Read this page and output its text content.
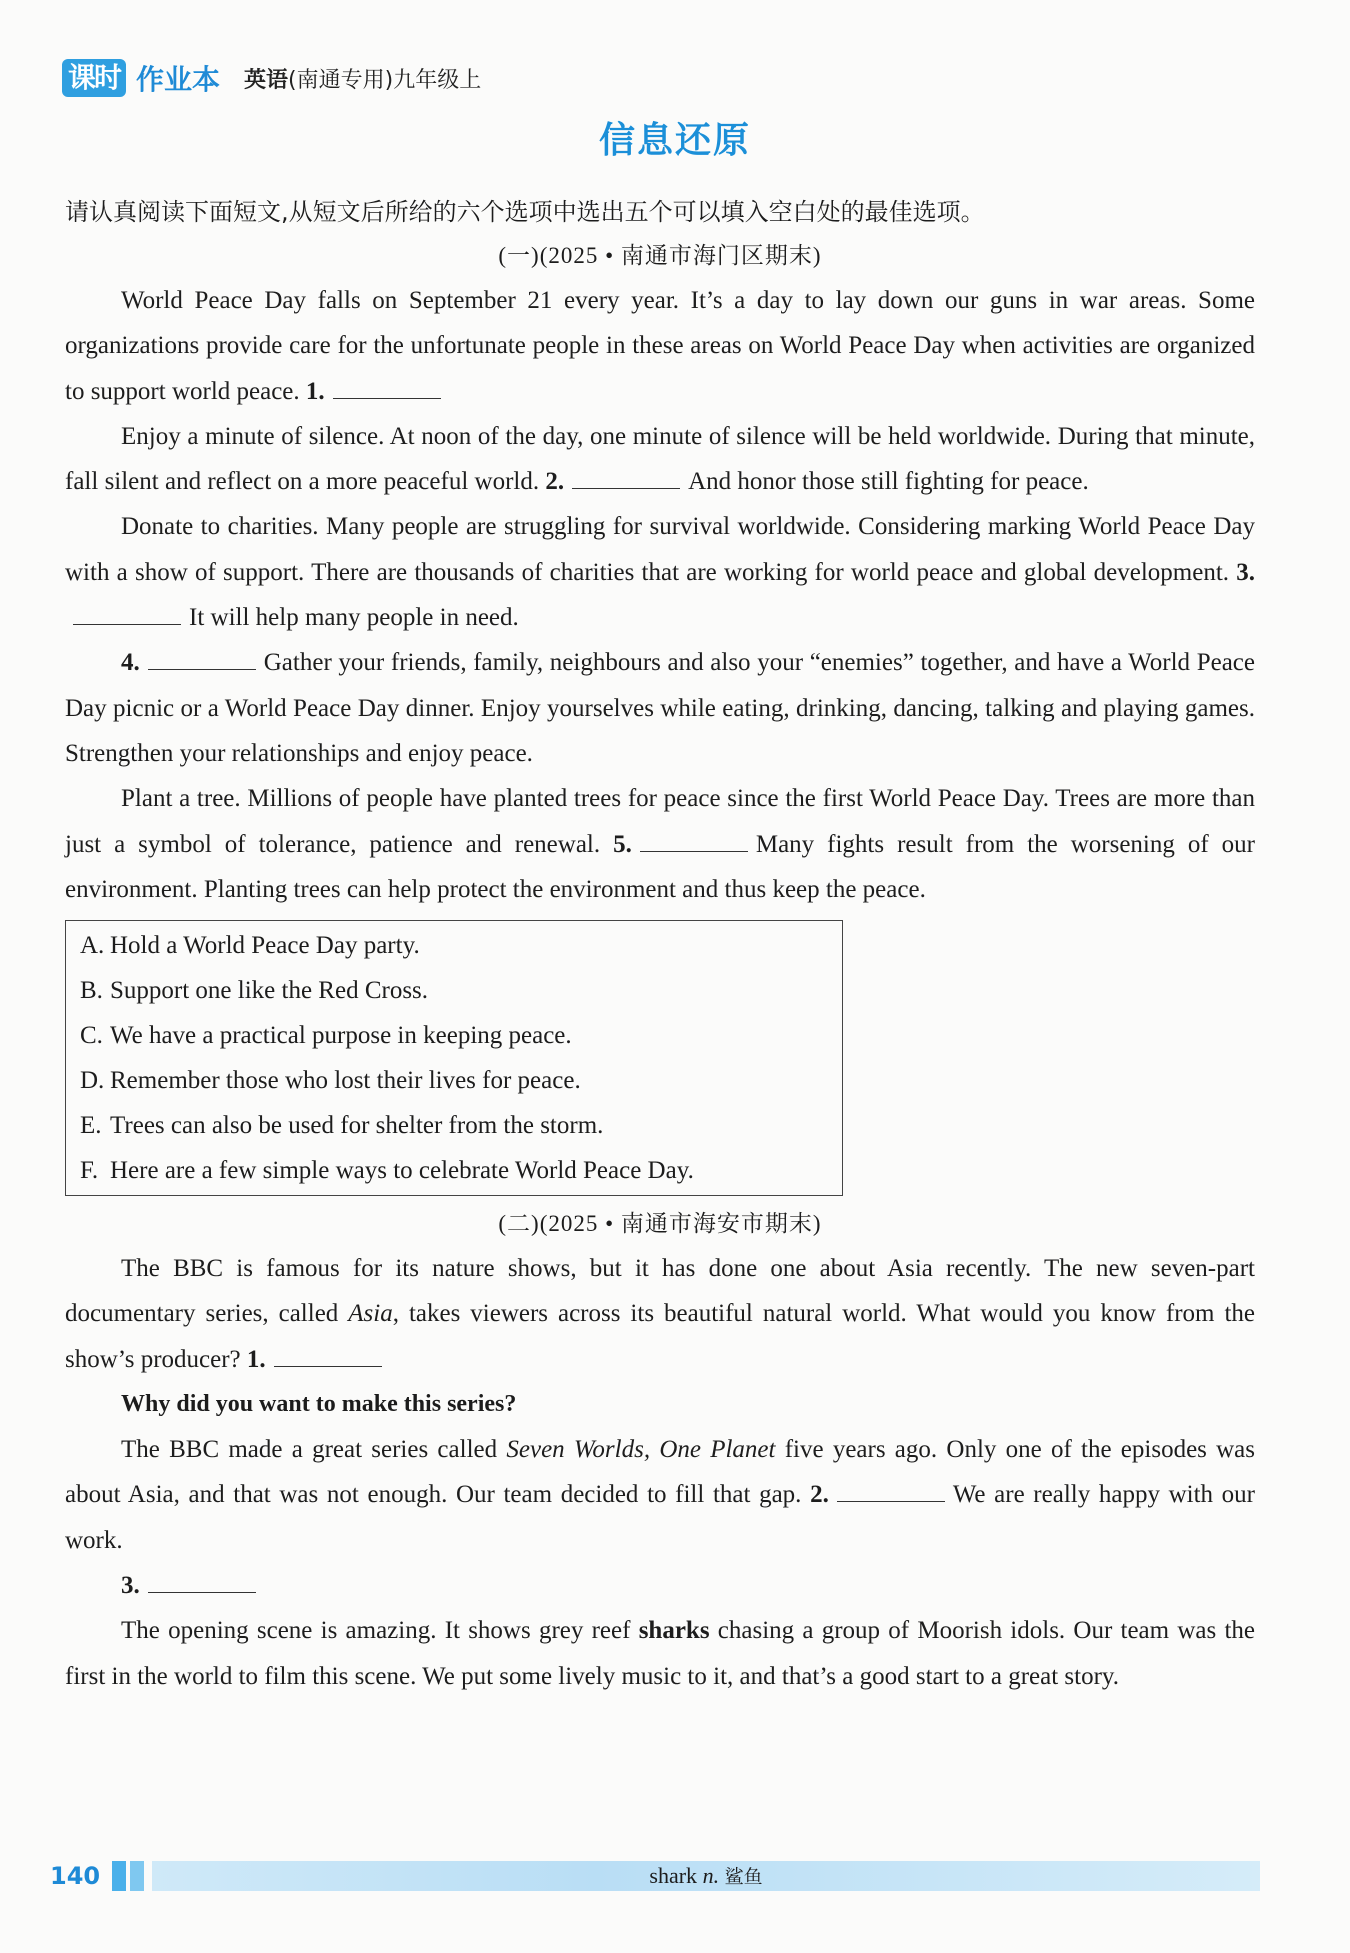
课时 作业本 英语(南通专用)九年级上
信息还原

请认真阅读下面短文,从短文后所给的六个选项中选出五个可以填入空白处的最佳选项。

(一)(2025 • 南通市海门区期末)

World Peace Day falls on September 21 every year. It’s a day to lay down our guns in war areas. Some organizations provide care for the unfortunate people in these areas on World Peace Day when activities are organized to support world peace. 1.

Enjoy a minute of silence. At noon of the day, one minute of silence will be held worldwide. During that minute, fall silent and reflect on a more peaceful world. 2.	And honor those still fighting for peace.

Donate to charities. Many people are struggling for survival worldwide. Considering marking World Peace Day with a show of support. There are thousands of charities that are working for world peace and global development. 3.It will help many people in need.

4.	Gather your friends, family, neighbours and also your “enemies” together, and have a World Peace Day picnic or a World Peace Day dinner. Enjoy yourselves while eating, drinking, dancing, talking and playing games. Strengthen your relationships and enjoy peace.

Plant a tree. Millions of people have planted trees for peace since the first World Peace Day. Trees are more than just a symbol of tolerance, patience and renewal. 5.	Many fights result from the worsening of our environment. Planting trees can help protect the environment and thus keep the peace.

A. Hold a World Peace Day party.

B. Support one like the Red Cross.

C. We have a practical purpose in keeping peace.

D. Remember those who lost their lives for peace.

E. Trees can also be used for shelter from the storm.

F. Here are a few simple ways to celebrate World Peace Day.

(二)(2025 • 南通市海安市期末)

The BBC is famous for its nature shows, but it has done one about Asia recently. The new seven-part documentary series, called Asia, takes viewers across its beautiful natural world. What would you know from the show’s producer? 1.

Why did you want to make this series?

The BBC made a great series called Seven Worlds, One Planet five years ago. Only one of the episodes was about Asia, and that was not enough. Our team decided to fill that gap. 2.	We are really happy with our work.

3.

The opening scene is amazing. It shows grey reef sharks chasing a group of Moorish idols. Our team was the first in the world to film this scene. We put some lively music to it, and that’s a good start to a great story.

140	shark n. 鲨鱼
